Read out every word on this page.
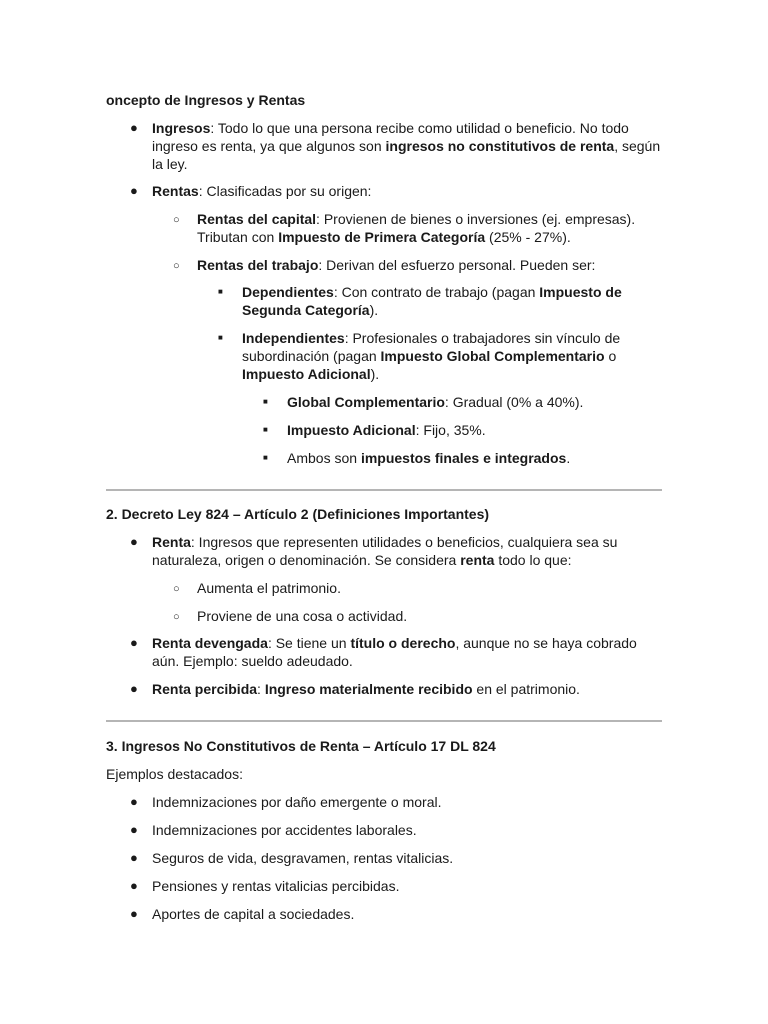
oncepto de Ingresos y Rentas
● Ingresos: Todo lo que una persona recibe como utilidad o beneficio. No todo ingreso es renta, ya que algunos son ingresos no constitutivos de renta, según la ley.
● Rentas: Clasificadas por su origen:
○ Rentas del capital: Provienen de bienes o inversiones (ej. empresas). Tributan con Impuesto de Primera Categoría (25% - 27%).
○ Rentas del trabajo: Derivan del esfuerzo personal. Pueden ser:
■ Dependientes: Con contrato de trabajo (pagan Impuesto de Segunda Categoría).
■ Independientes: Profesionales o trabajadores sin vínculo de subordinación (pagan Impuesto Global Complementario o Impuesto Adicional).
■ Global Complementario: Gradual (0% a 40%).
■ Impuesto Adicional: Fijo, 35%.
■ Ambos son impuestos finales e integrados.
2. Decreto Ley 824 – Artículo 2 (Definiciones Importantes)
● Renta: Ingresos que representen utilidades o beneficios, cualquiera sea su naturaleza, origen o denominación. Se considera renta todo lo que:
○ Aumenta el patrimonio.
○ Proviene de una cosa o actividad.
● Renta devengada: Se tiene un título o derecho, aunque no se haya cobrado aún. Ejemplo: sueldo adeudado.
● Renta percibida: Ingreso materialmente recibido en el patrimonio.
3. Ingresos No Constitutivos de Renta – Artículo 17 DL 824
Ejemplos destacados:
● Indemnizaciones por daño emergente o moral.
● Indemnizaciones por accidentes laborales.
● Seguros de vida, desgravamen, rentas vitalicias.
● Pensiones y rentas vitalicias percibidas.
● Aportes de capital a sociedades.
